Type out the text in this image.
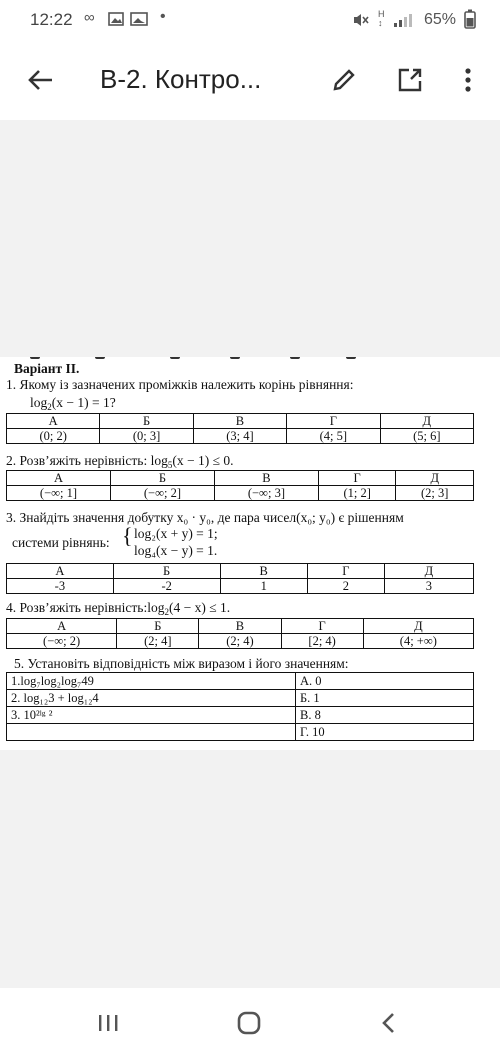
12:22 ∞	•	H
↕	65%
В-2. Контро...
Варіант ІІ.
1. Якому із зазначених проміжків належить корінь рівняння:
$\log_2(x - 1) = 1$?
А	Б	В	Г	Д
(0; 2)	(0; 3]	(3; 4]	(4; 5]	(5; 6]
2. Розв’яжіть нерівність: $\log_5(x - 1) \le 0$.
А	Б	В	Г	Д
(−∞; 1]	(−∞; 2]	(−∞; 3]	(1; 2]	(2; 3]
3. Знайдіть значення добутку x₀ · y₀, де пара чисел(x₀; y₀) є рішенням
системи рівнянь: { log₂(x + y) = 1;
log₄(x − y) = 1.
А	Б	В	Г	Д
-3	-2	1	2	3
4. Розв’яжіть $нерівність:\log_2(4 - x) \le 1$.
А	Б	В	Г	Д
(−∞; 2)	(2; 4]	(2; 4)	[2; 4)	(4; +∞)
5. Установіть відповідність між виразом і його значенням:
1.log₇log₂log₇49	А. 0
2. log₁₂3 + log₁₂4	Б. 1
3. 10²ˡᵍ ²	В. 8
	Г. 10
